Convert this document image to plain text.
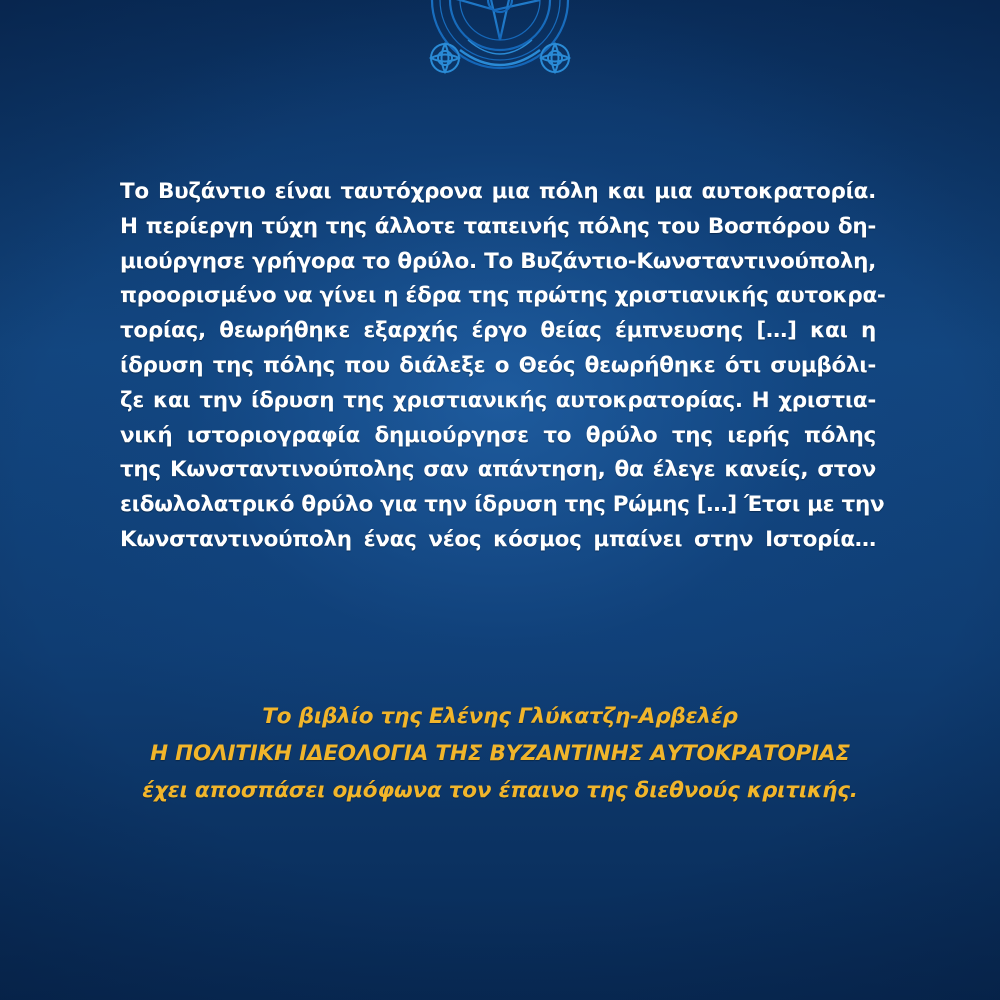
Το Βυζάντιο είναι ταυτόχρονα μια πόλη και μια αυτοκρατορία.
Η περίεργη τύχη της άλλοτε ταπεινής πόλης του Βοσπόρου δη-
μιούργησε γρήγορα το θρύλο. Το Βυζάντιο-Κωνσταντινούπολη,
προορισμένο να γίνει η έδρα της πρώτης χριστιανικής αυτοκρα-
τορίας, θεωρήθηκε εξαρχής έργο θείας έμπνευσης […] και η
ίδρυση της πόλης που διάλεξε ο Θεός θεωρήθηκε ότι συμβόλι-
ζε και την ίδρυση της χριστιανικής αυτοκρατορίας. Η χριστια-
νική ιστοριογραφία δημιούργησε το θρύλο της ιερής πόλης
της Κωνσταντινούπολης σαν απάντηση, θα έλεγε κανείς, στον
ειδωλολατρικό θρύλο για την ίδρυση της Ρώμης […] Έτσι με την
Κωνσταντινούπολη ένας νέος κόσμος μπαίνει στην Ιστορία…
Το βιβλίο της Ελένης Γλύκατζη-Αρβελέρ
Η ΠΟΛΙΤΙΚΗ ΙΔΕΟΛΟΓΙΑ ΤΗΣ ΒΥΖΑΝΤΙΝΗΣ ΑΥΤΟΚΡΑΤΟΡΙΑΣ
έχει αποσπάσει ομόφωνα τον έπαινο της διεθνούς κριτικής.
